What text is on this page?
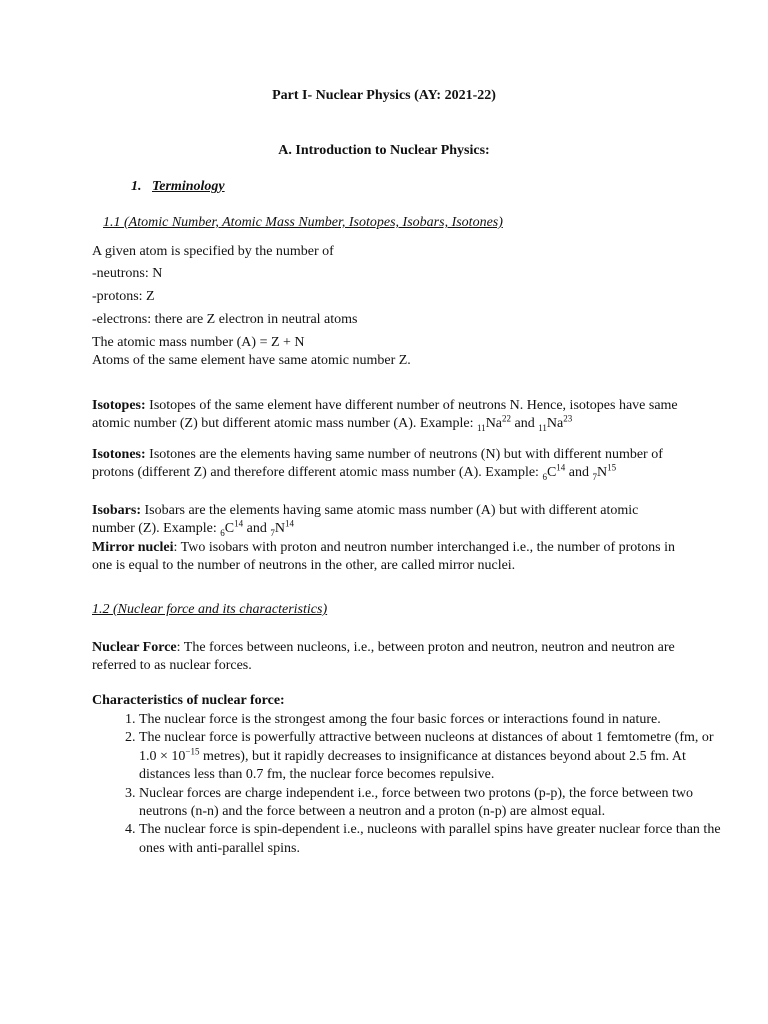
Part I- Nuclear Physics (AY: 2021-22)
A. Introduction to Nuclear Physics:
1. Terminology
1.1 (Atomic Number, Atomic Mass Number, Isotopes, Isobars, Isotones)
A given atom is specified by the number of
-neutrons: N
-protons: Z
-electrons: there are Z electron in neutral atoms
The atomic mass number (A) = Z + N
Atoms of the same element have same atomic number Z.
Isotopes: Isotopes of the same element have different number of neutrons N. Hence, isotopes have same atomic number (Z) but different atomic mass number (A). Example: $_{11}Na^{22}$ and $_{11}Na^{23}$
Isotones: Isotones are the elements having same number of neutrons (N) but with different number of protons (different Z) and therefore different atomic mass number (A). Example: $_6C^{14}$ and $_7N^{15}$
Isobars: Isobars are the elements having same atomic mass number (A) but with different atomic number (Z). Example: $_6C^{14}$ and $_7N^{14}$
Mirror nuclei: Two isobars with proton and neutron number interchanged i.e., the number of protons in one is equal to the number of neutrons in the other, are called mirror nuclei.
1.2 (Nuclear force and its characteristics)
Nuclear Force: The forces between nucleons, i.e., between proton and neutron, neutron and neutron are referred to as nuclear forces.
Characteristics of nuclear force:
1. The nuclear force is the strongest among the four basic forces or interactions found in nature.
2. The nuclear force is powerfully attractive between nucleons at distances of about 1 femtometre (fm, or $1.0 \times 10^{-15}$ metres), but it rapidly decreases to insignificance at distances beyond about 2.5 fm. At distances less than 0.7 fm, the nuclear force becomes repulsive.
3. Nuclear forces are charge independent i.e., force between two protons (p-p), the force between two neutrons (n-n) and the force between a neutron and a proton (n-p) are almost equal.
4. The nuclear force is spin-dependent i.e., nucleons with parallel spins have greater nuclear force than the ones with anti-parallel spins.
